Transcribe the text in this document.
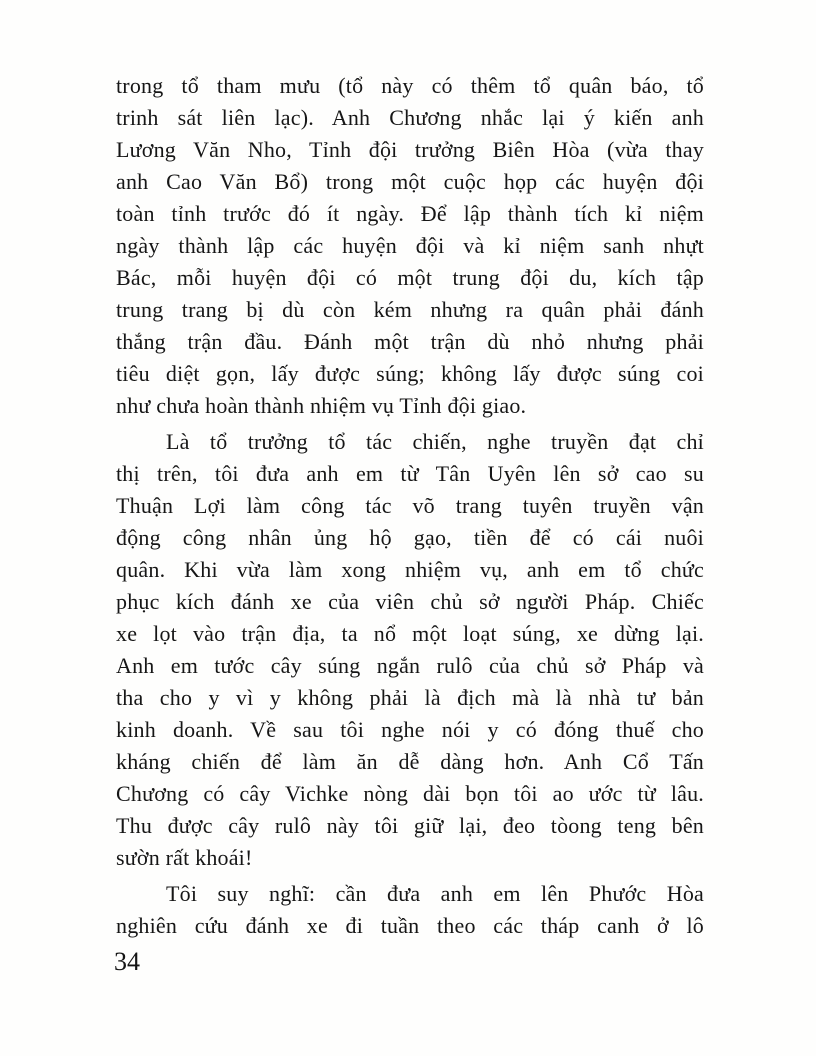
trong tổ tham mưu (tổ này có thêm tổ quân báo, tổ
trinh sát liên lạc). Anh Chương nhắc lại ý kiến anh
Lương Văn Nho, Tỉnh đội trưởng Biên Hòa (vừa thay
anh Cao Văn Bổ) trong một cuộc họp các huyện đội
toàn tỉnh trước đó ít ngày. Để lập thành tích kỉ niệm
ngày thành lập các huyện đội và kỉ niệm sanh nhựt
Bác, mỗi huyện đội có một trung đội du, kích tập
trung trang bị dù còn kém nhưng ra quân phải đánh
thắng trận đầu. Đánh một trận dù nhỏ nhưng phải
tiêu diệt gọn, lấy được súng; không lấy được súng coi
như chưa hoàn thành nhiệm vụ Tỉnh đội giao.
Là tổ trưởng tổ tác chiến, nghe truyền đạt chỉ
thị trên, tôi đưa anh em từ Tân Uyên lên sở cao su
Thuận Lợi làm công tác võ trang tuyên truyền vận
động công nhân ủng hộ gạo, tiền để có cái nuôi
quân. Khi vừa làm xong nhiệm vụ, anh em tổ chức
phục kích đánh xe của viên chủ sở người Pháp. Chiếc
xe lọt vào trận địa, ta nổ một loạt súng, xe dừng lại.
Anh em tước cây súng ngắn rulô của chủ sở Pháp và
tha cho y vì y không phải là địch mà là nhà tư bản
kinh doanh. Về sau tôi nghe nói y có đóng thuế cho
kháng chiến để làm ăn dễ dàng hơn. Anh Cổ Tấn
Chương có cây Vichke nòng dài bọn tôi ao ước từ lâu.
Thu được cây rulô này tôi giữ lại, đeo tòong teng bên
sườn rất khoái!
Tôi suy nghĩ: cần đưa anh em lên Phước Hòa
nghiên cứu đánh xe đi tuần theo các tháp canh ở lô
34
